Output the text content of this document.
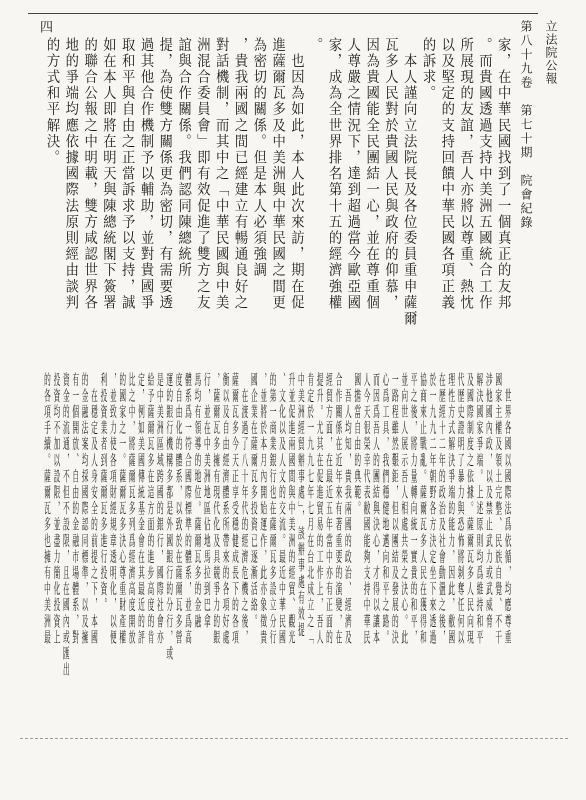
立法院公報
第八十九卷　第七十期　院會紀錄
四
家，在中華民國找到了一個真正的友邦
。而貴國透過支持中美洲五國統合工作
所展現的友誼，吾人亦將以尊重、熱忱
以及堅定的支持回饋中華民國各項正義
的訴求。
　本人謹向立法院長及各位委員重申薩爾
瓦多人民對於貴國人民與政府的仰慕，
因為貴國能全民團結一心，並在尊重個
人尊嚴之情況下，達到超過當今歐亞國
家，成為全世界排名第十五的經濟強權
。
　也因為如此，本人此次來訪，期在促
進薩爾瓦多及中美洲與中華民國之間更
為密切的關係。但是本人必須強調
，貴我兩國之間已經建立有暢通良好之
對話機制，而其中之「中華民國與中美
洲混合委員會」即有效促進了雙方之友
誼與合作關係。我們認同陳總統所
提，為使雙方關係更為密切，有需要透
過其他合作機制予以輔助，並對貴國爭
取和平與自由之正當訴求予以支持，誠
如在本人即將在明天與陳總統閣下簽署
的聯合公報之中明載，雙方咸認世界各
地的爭端均應依據國際法原則經由談判
的方式和平解決。
　世界各國以國際法爲依循，均應尊重
國家主權及領土完整、民族自覺、不干
涉他國內政，以及禁止武力或武威脅
解決國家爭端。上述原則均爲維持和平
及國際制度之依據。薩爾瓦多人民向現
代歷史證明了暴力與恐怖將剝奪任何以
理性方式解決爭端的能力，因此，敝國
在歷經十二年的政治及社會動盪之後，
於一九九二年朝野各方決定坐下來透過
協商來止戰亂。薩爾瓦多人民在獲得和
平之後，將力量轉向統一實貴的和平，
並向世人展示吾人相處共榮之決心。此
一路程雖然艱鉅，但以團結及發展的決
心爲工具，我們穩健地邁向和平之路。
而因爲吾人的團結與決心，才得以讓本
人今天很榮幸代表敝國能夠支持中華民
國擔當自由的典範。
　吾人均知，貴我兩國的政治、經濟及
合作關係在近年來有著重要的演變，在
經貿方面，在最近五年當中亦有正面的
提升。尤其在促進貿易的工作上，吾人
肯定於一九九七年七月在台北成立之「
中美洲經貿辦事處」，該辦事處有效提
升並促進兩國間與中美洲的經貿、觀光
、文化以及人文的交流。最近中華民國
的第一商業銀行也在薩爾瓦多設立分行
，並將於本月內開始運作，此亦象徵貴
國企業在薩爾瓦多投資已逐漸活絡。
　在渡過了八十年代的經濟危機之後，
薩爾瓦多今天正享受穩健成長下的各項
衡以及自由經濟體系所帶來的各項好處
，薩爾瓦多擁有現代化及具競爭力的銀
行，並在中美洲地區佔地馬拉到巴拿
馬均有領導的地位。薩爾瓦多的金融
體系爲一符合國際標準的體系，並爲高
度自由化的體系，以致於在薩爾瓦多營
運的銀行機構多都是外國銀行的分行，或
是中美洲區域跨國的銀行，國際社會亦
給予薩爾瓦多在這方面的進步高度的肯
定，例如美國傳統基金會在其最近的評
比之中，將薩爾瓦多列爲經濟高度開放
的國家之一。薩爾瓦多決心尊重財產權
，並致力使各項財經規章透明化，以便
利投資業者到薩爾瓦多進行投資。
　在穩定及人身安全的前提之下，本國
的金融法案均採國際認同標準，以及擁
有一個開放、自由的金融市場體系，對
資金的流通，不但不設限，且在國內或匯出
投資均不加以設限，並盡力簡化投資上
的各項手續。薩爾瓦多也擁有中美洲最
